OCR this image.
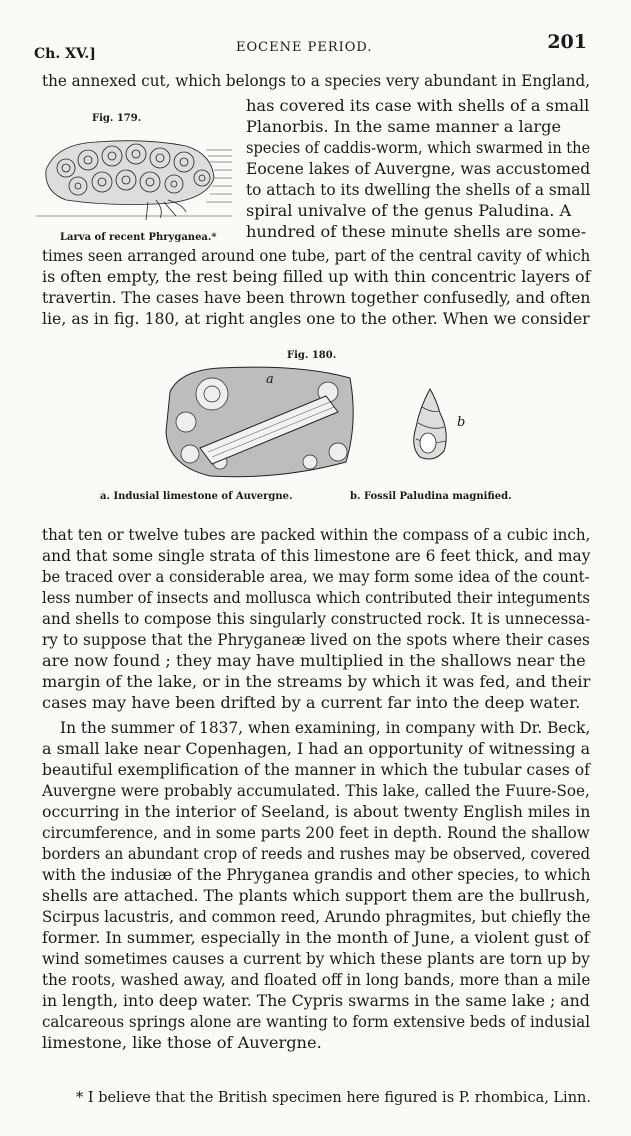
Ch. XV.]	EOCENE PERIOD.	201
the annexed cut, which belongs to a species very abundant in England,
Fig. 179.
Larva of recent Phryganea.*
has covered its case with shells of a small
Planorbis. In the same manner a large
species of caddis-worm, which swarmed in the
Eocene lakes of Auvergne, was accustomed
to attach to its dwelling the shells of a small
spiral univalve of the genus Paludina. A
hundred of these minute shells are some-
times seen arranged around one tube, part of the central cavity of which
is often empty, the rest being filled up with thin concentric layers of
travertin. The cases have been thrown together confusedly, and often
lie, as in fig. 180, at right angles one to the other. When we consider
Fig. 180.
a
b
a. Indusial limestone of Auvergne.	b. Fossil Paludina magnified.
that ten or twelve tubes are packed within the compass of a cubic inch,
and that some single strata of this limestone are 6 feet thick, and may
be traced over a considerable area, we may form some idea of the count-
less number of insects and mollusca which contributed their integuments
and shells to compose this singularly constructed rock. It is unnecessa-
ry to suppose that the Phryganeæ lived on the spots where their cases
are now found ; they may have multiplied in the shallows near the
margin of the lake, or in the streams by which it was fed, and their
cases may have been drifted by a current far into the deep water.
In the summer of 1837, when examining, in company with Dr. Beck,
a small lake near Copenhagen, I had an opportunity of witnessing a
beautiful exemplification of the manner in which the tubular cases of
Auvergne were probably accumulated. This lake, called the Fuure-Soe,
occurring in the interior of Seeland, is about twenty English miles in
circumference, and in some parts 200 feet in depth. Round the shallow
borders an abundant crop of reeds and rushes may be observed, covered
with the indusiæ of the Phryganea grandis and other species, to which
shells are attached. The plants which support them are the bullrush,
Scirpus lacustris, and common reed, Arundo phragmites, but chiefly the
former. In summer, especially in the month of June, a violent gust of
wind sometimes causes a current by which these plants are torn up by
the roots, washed away, and floated off in long bands, more than a mile
in length, into deep water. The Cypris swarms in the same lake ; and
calcareous springs alone are wanting to form extensive beds of indusial
limestone, like those of Auvergne.
* I believe that the British specimen here figured is P. rhombica, Linn.
